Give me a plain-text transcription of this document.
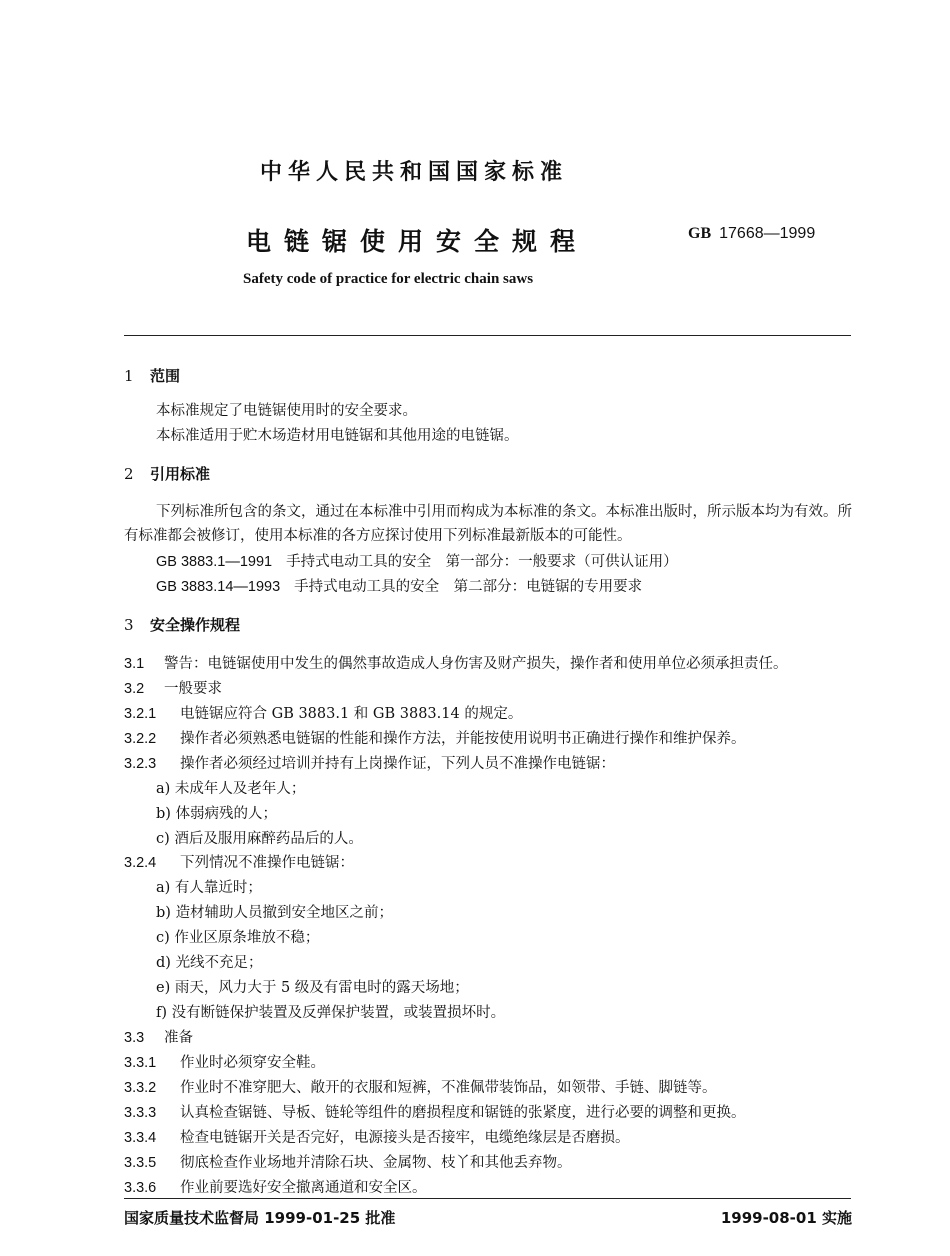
中华人民共和国国家标准
电链锯使用安全规程	GB 17668—1999
Safety code of practice for electric chain saws
1 范围
本标准规定了电链锯使用时的安全要求。
本标准适用于贮木场造材用电链锯和其他用途的电链锯。
2 引用标准
下列标准所包含的条文，通过在本标准中引用而构成为本标准的条文。本标准出版时，所示版本均为有效。所有标准都会被修订，使用本标准的各方应探讨使用下列标准最新版本的可能性。
GB 3883.1—1991 手持式电动工具的安全　第一部分：一般要求（可供认证用）
GB 3883.14—1993 手持式电动工具的安全　第二部分：电链锯的专用要求
3 安全操作规程
3.1 警告：电链锯使用中发生的偶然事故造成人身伤害及财产损失，操作者和使用单位必须承担责任。
3.2 一般要求
3.2.1 电链锯应符合 GB 3883.1 和 GB 3883.14 的规定。
3.2.2 操作者必须熟悉电链锯的性能和操作方法，并能按使用说明书正确进行操作和维护保养。
3.2.3 操作者必须经过培训并持有上岗操作证，下列人员不准操作电链锯：
a) 未成年人及老年人；
b) 体弱病残的人；
c) 酒后及服用麻醉药品后的人。
3.2.4 下列情况不准操作电链锯：
a) 有人靠近时；
b) 造材辅助人员撤到安全地区之前；
c) 作业区原条堆放不稳；
d) 光线不充足；
e) 雨天，风力大于 5 级及有雷电时的露天场地；
f) 没有断链保护装置及反弹保护装置，或装置损坏时。
3.3 准备
3.3.1 作业时必须穿安全鞋。
3.3.2 作业时不准穿肥大、敞开的衣服和短裤，不准佩带装饰品，如领带、手链、脚链等。
3.3.3 认真检查锯链、导板、链轮等组件的磨损程度和锯链的张紧度，进行必要的调整和更换。
3.3.4 检查电链锯开关是否完好，电源接头是否接牢，电缆绝缘层是否磨损。
3.3.5 彻底检查作业场地并清除石块、金属物、枝丫和其他丢弃物。
3.3.6 作业前要选好安全撤离通道和安全区。
国家质量技术监督局 1999-01-25 批准	1999-08-01 实施
